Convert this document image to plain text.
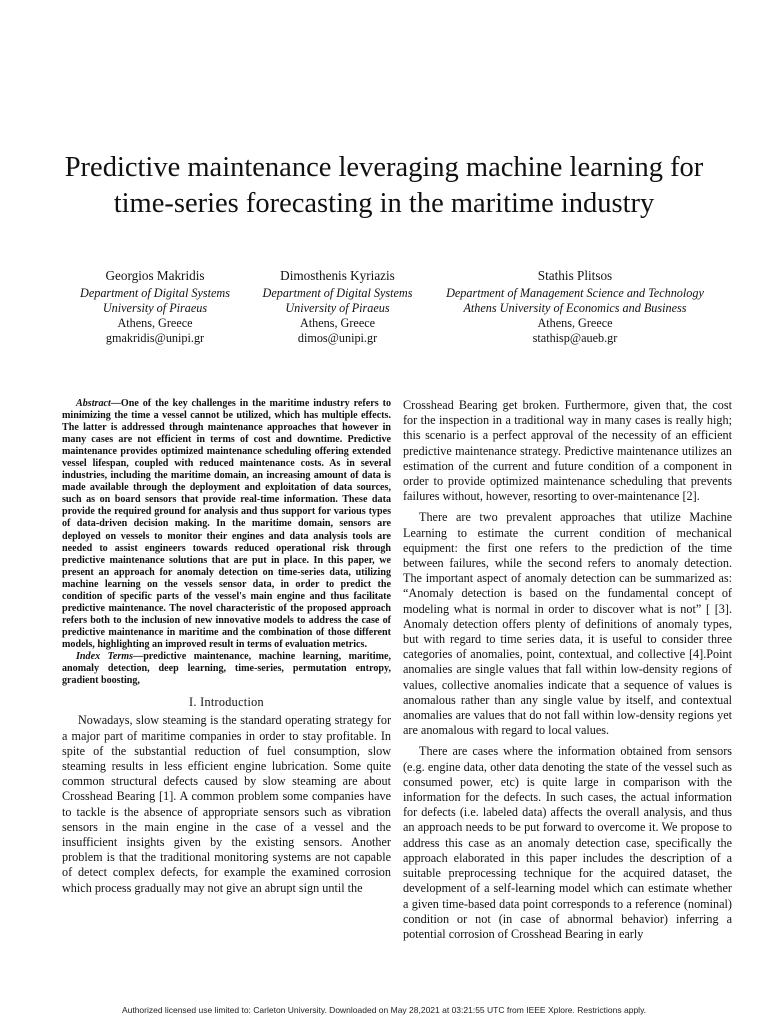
Predictive maintenance leveraging machine learning for time-series forecasting in the maritime industry
Georgios Makridis
Department of Digital Systems
University of Piraeus
Athens, Greece
gmakridis@unipi.gr
Dimosthenis Kyriazis
Department of Digital Systems
University of Piraeus
Athens, Greece
dimos@unipi.gr
Stathis Plitsos
Department of Management Science and Technology
Athens University of Economics and Business
Athens, Greece
stathisp@aueb.gr

Abstract—One of the key challenges in the maritime industry refers to minimizing the time a vessel cannot be utilized, which has multiple effects. The latter is addressed through maintenance approaches that however in many cases are not efficient in terms of cost and downtime. Predictive maintenance provides optimized maintenance scheduling offering extended vessel lifespan, coupled with reduced maintenance costs. As in several industries, including the maritime domain, an increasing amount of data is made available through the deployment and exploitation of data sources, such as on board sensors that provide real-time information. These data provide the required ground for analysis and thus support for various types of data-driven decision making. In the maritime domain, sensors are deployed on vessels to monitor their engines and data analysis tools are needed to assist engineers towards reduced operational risk through predictive maintenance solutions that are put in place. In this paper, we present an approach for anomaly detection on time-series data, utilizing machine learning on the vessels sensor data, in order to predict the condition of specific parts of the vessel's main engine and thus facilitate predictive maintenance. The novel characteristic of the proposed approach refers both to the inclusion of new innovative models to address the case of predictive maintenance in maritime and the combination of those different models, highlighting an improved result in terms of evaluation metrics.

Index Terms—predictive maintenance, machine learning, maritime, anomaly detection, deep learning, time-series, permutation entropy, gradient boosting,

I. Introduction

Nowadays, slow steaming is the standard operating strategy for a major part of maritime companies in order to stay profitable. In spite of the substantial reduction of fuel consumption, slow steaming results in less efficient engine lubrication. Some quite common structural defects caused by slow steaming are about Crosshead Bearing [1]. A common problem some companies have to tackle is the absence of appropriate sensors such as vibration sensors in the main engine in the case of a vessel and the insufficient insights given by the existing sensors. Another problem is that the traditional monitoring systems are not capable of detect complex defects, for example the examined corrosion which process gradually may not give an abrupt sign until the

Crosshead Bearing get broken. Furthermore, given that, the cost for the inspection in a traditional way in many cases is really high; this scenario is a perfect approval of the necessity of an efficient predictive maintenance strategy. Predictive maintenance utilizes an estimation of the current and future condition of a component in order to provide optimized maintenance scheduling that prevents failures without, however, resorting to over-maintenance [2].

There are two prevalent approaches that utilize Machine Learning to estimate the current condition of mechanical equipment: the first one refers to the prediction of the time between failures, while the second refers to anomaly detection. The important aspect of anomaly detection can be summarized as: “Anomaly detection is based on the fundamental concept of modeling what is normal in order to discover what is not” [ [3]. Anomaly detection offers plenty of definitions of anomaly types, but with regard to time series data, it is useful to consider three categories of anomalies, point, contextual, and collective [4].Point anomalies are single values that fall within low-density regions of values, collective anomalies indicate that a sequence of values is anomalous rather than any single value by itself, and contextual anomalies are values that do not fall within low-density regions yet are anomalous with regard to local values.

There are cases where the information obtained from sensors (e.g. engine data, other data denoting the state of the vessel such as consumed power, etc) is quite large in comparison with the information for the defects. In such cases, the actual information for defects (i.e. labeled data) affects the overall analysis, and thus an approach needs to be put forward to overcome it. We propose to address this case as an anomaly detection case, specifically the approach elaborated in this paper includes the description of a suitable preprocessing technique for the acquired dataset, the development of a self-learning model which can estimate whether a given time-based data point corresponds to a reference (nominal) condition or not (in case of abnormal behavior) inferring a potential corrosion of Crosshead Bearing in early

Authorized licensed use limited to: Carleton University. Downloaded on May 28,2021 at 03:21:55 UTC from IEEE Xplore. Restrictions apply.
